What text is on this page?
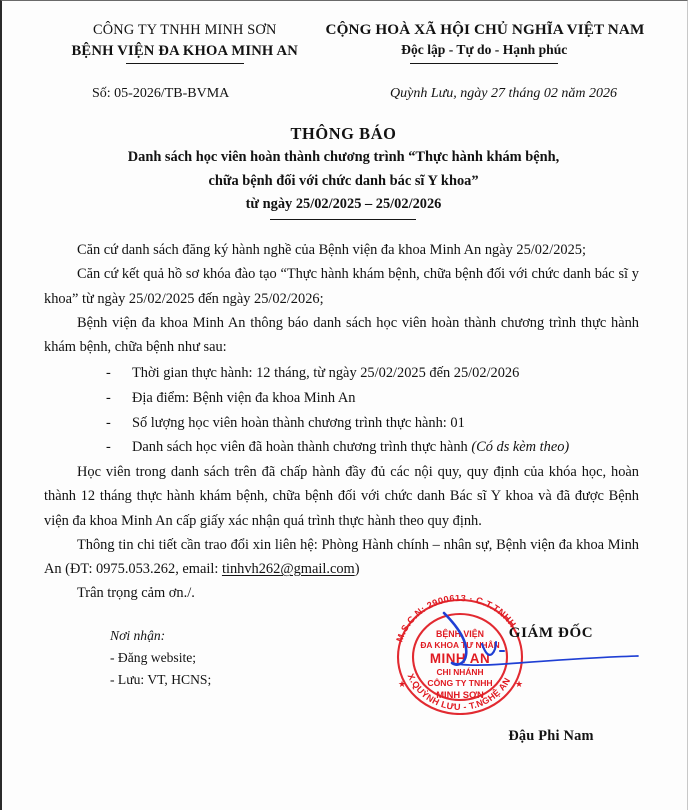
CÔNG TY TNHH MINH SƠN
BỆNH VIỆN ĐA KHOA MINH AN
CỘNG HOÀ XÃ HỘI CHỦ NGHĨA VIỆT NAM
Độc lập - Tự do - Hạnh phúc
Số: 05-2026/TB-BVMA	Quỳnh Lưu, ngày 27 tháng 02 năm 2026
THÔNG BÁO
Danh sách học viên hoàn thành chương trình “Thực hành khám bệnh,
chữa bệnh đối với chức danh bác sĩ Y khoa”
từ ngày 25/02/2025 – 25/02/2026

Căn cứ danh sách đăng ký hành nghề của Bệnh viện đa khoa Minh An ngày 25/02/2025;

Căn cứ kết quả hồ sơ khóa đào tạo “Thực hành khám bệnh, chữa bệnh đối với chức danh bác sĩ y khoa” từ ngày 25/02/2025 đến ngày 25/02/2026;

Bệnh viện đa khoa Minh An thông báo danh sách học viên hoàn thành chương trình thực hành khám bệnh, chữa bệnh như sau:

- Thời gian thực hành: 12 tháng, từ ngày 25/02/2025 đến 25/02/2026
- Địa điểm: Bệnh viện đa khoa Minh An
- Số lượng học viên hoàn thành chương trình thực hành: 01
- Danh sách học viên đã hoàn thành chương trình thực hành (Có ds kèm theo)

Học viên trong danh sách trên đã chấp hành đầy đủ các nội quy, quy định của khóa học, hoàn thành 12 tháng thực hành khám bệnh, chữa bệnh đối với chức danh Bác sĩ Y khoa và đã được Bệnh viện đa khoa Minh An cấp giấy xác nhận quá trình thực hành theo quy định.

Thông tin chi tiết cần trao đổi xin liên hệ: Phòng Hành chính – nhân sự, Bệnh viện đa khoa Minh An (ĐT: 0975.053.262, email: tinhvh262@gmail.com)

Trân trọng cảm ơn./.

Nơi nhận:
- Đăng website;
- Lưu: VT, HCNS;
GIÁM ĐỐC
Đậu Phi Nam
M.S.C.N: 2900613 · C.T.TNHH
X.QUỲNH LƯU - T.NGHỆ AN
BỆNH VIỆN
ĐA KHOA TƯ NHÂN
MINH AN
CHI NHÁNH
CÔNG TY TNHH
MINH SƠN
★	★
